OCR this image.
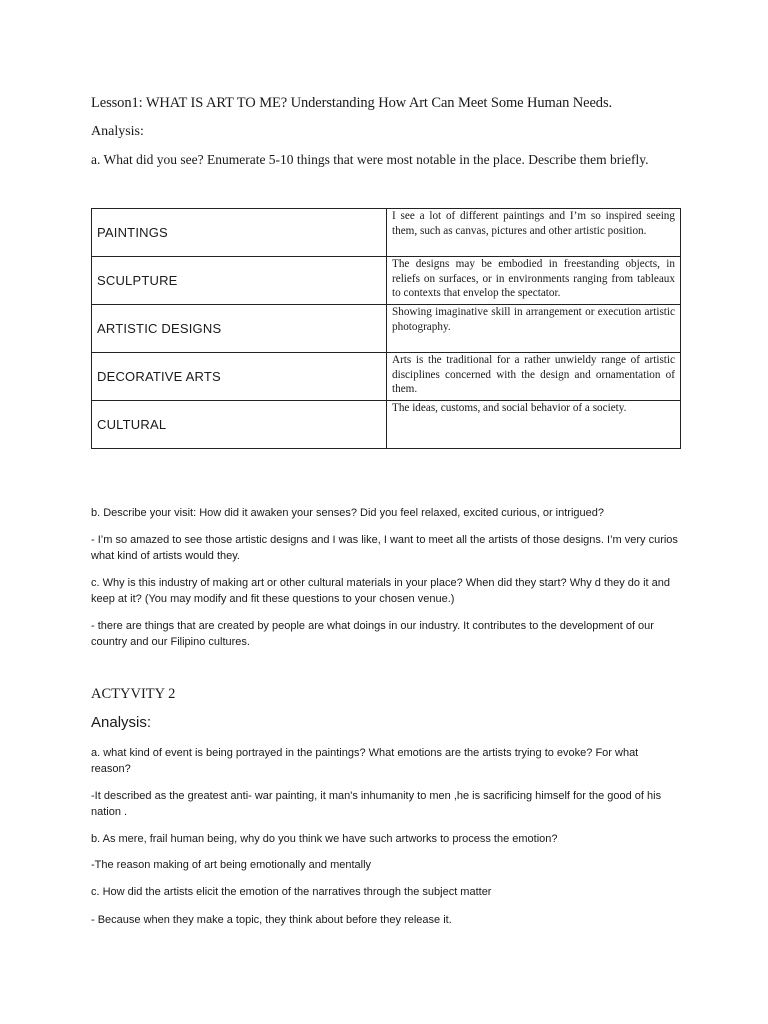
Lesson1: WHAT IS ART TO ME? Understanding How Art Can Meet Some Human Needs.
Analysis:
a. What did you see? Enumerate 5-10 things that were most notable in the place. Describe them briefly.
PAINTINGS	I see a lot of different paintings and I’m so inspired seeing them, such as canvas, pictures and other artistic position.

SCULPTURE	The designs may be embodied in freestanding objects, in reliefs on surfaces, or in environments ranging from tableaux to contexts that envelop the spectator.

ARTISTIC DESIGNS	Showing imaginative skill in arrangement or execution artistic photography.

DECORATIVE ARTS	Arts is the traditional for a rather unwieldy range of artistic disciplines concerned with the design and ornamentation of them.

CULTURAL	The ideas, customs, and social behavior of a society.
b. Describe your visit: How did it awaken your senses? Did you feel relaxed, excited curious, or intrigued?
- I’m so amazed to see those artistic designs and I was like, I want to meet all the artists of those designs. I’m very curios what kind of artists would they.
c. Why is this industry of making art or other cultural materials in your place? When did they start? Why d they do it and keep at it? (You may modify and fit these questions to your chosen venue.)
- there are things that are created by people are what doings in our industry. It contributes to the development of our country and our Filipino cultures.
ACTYVITY 2
Analysis:
a. what kind of event is being portrayed in the paintings? What emotions are the artists trying to evoke? For what reason?
-It described as the greatest anti- war painting, it man's inhumanity to men ,he is sacrificing himself for the good of his nation .
b. As mere, frail human being, why do you think we have such artworks to process the emotion?
-The reason making of art being emotionally and mentally
c. How did the artists elicit the emotion of the narratives through the subject matter
- Because when they make a topic, they think about before they release it.
